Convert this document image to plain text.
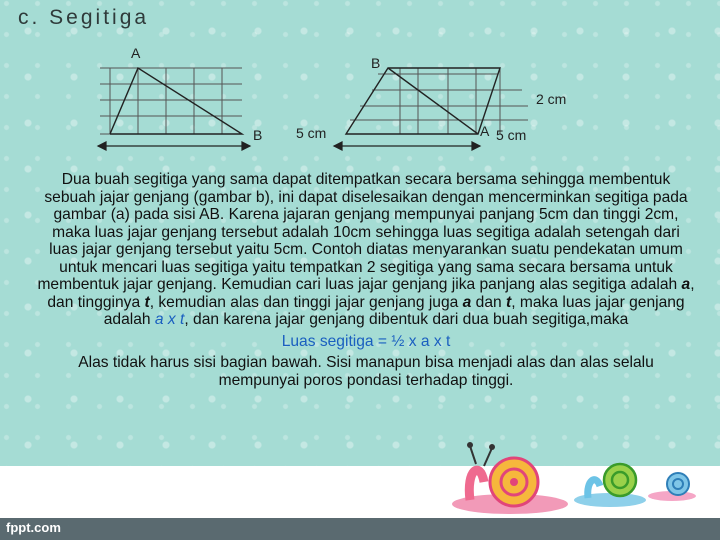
c. Segitiga
A
B 5 cm
B
2 cm
A 5 cm

Dua buah segitiga yang sama dapat ditempatkan secara bersama sehingga membentuk sebuah jajar genjang (gambar b), ini dapat diselesaikan dengan mencerminkan segitiga pada gambar (a) pada sisi AB. Karena jajaran genjang mempunyai panjang 5cm dan tinggi 2cm, maka luas jajar genjang tersebut adalah 10cm sehingga luas segitiga adalah setengah dari luas jajar genjang tersebut yaitu 5cm. Contoh diatas menyarankan suatu pendekatan umum untuk mencari luas segitiga yaitu tempatkan 2 segitiga yang sama secara bersama untuk membentuk jajar genjang. Kemudian cari luas jajar genjang jika panjang alas segitiga adalah a, dan tingginya t, kemudian alas dan tinggi jajar genjang juga a dan t, maka luas jajar genjang adalah a x t, dan karena jajar genjang dibentuk dari dua buah segitiga,maka

Luas segitiga = ½ x a x t

Alas tidak harus sisi bagian bawah. Sisi manapun bisa menjadi alas dan alas selalu mempunyai poros pondasi terhadap tinggi.

fppt.com
